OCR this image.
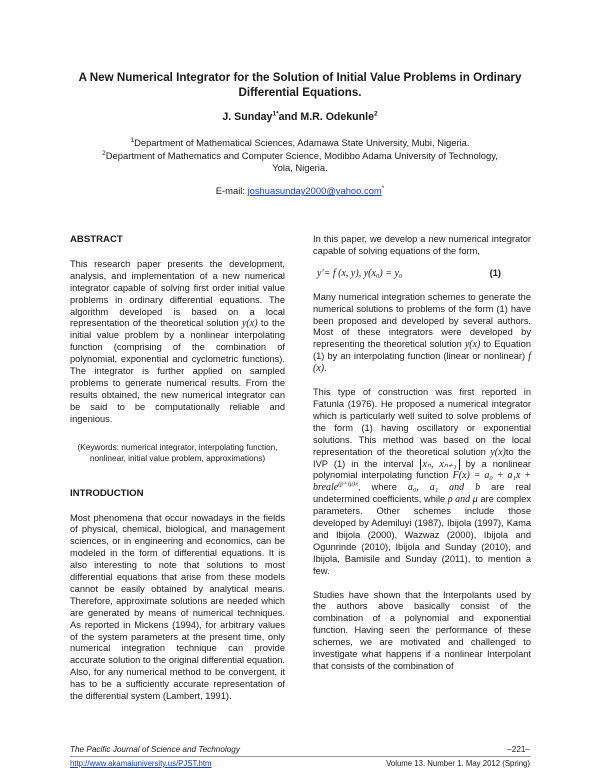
A New Numerical Integrator for the Solution of Initial Value Problems in Ordinary Differential Equations.
J. Sunday$^{1*}$and M.R. Odekunle$^2$
$^1$Department of Mathematical Sciences, Adamawa State University, Mubi, Nigeria.
$^2$Department of Mathematics and Computer Science, Modibbo Adama University of Technology,
Yola, Nigeria.
E-mail: joshuasunday2000@yahoo.com*
ABSTRACT

This research paper presents the development, analysis, and implementation of a new numerical integrator capable of solving first order initial value problems in ordinary differential equations. The algorithm developed is based on a local representation of the theoretical solution y(x) to the initial value problem by a nonlinear interpolating function (comprising of the combination of polynomial, exponential and cyclometric functions). The integrator is further applied on sampled problems to generate numerical results. From the results obtained, the new numerical integrator can be said to be computationally reliable and ingenious.

(Keywords: numerical integrator, interpolating function, nonlinear, initial value problem, approximations)

INTRODUCTION

Most phenomena that occur nowadays in the fields of physical, chemical, biological, and management sciences, or in engineering and economics, can be modeled in the form of differential equations. It is also interesting to note that solutions to most differential equations that arise from these models cannot be easily obtained by analytical means. Therefore, approximate solutions are needed which are generated by means of numerical techniques. As reported in Mickens (1994), for arbitrary values of the system parameters at the present time, only numerical integration technique can provide accurate solution to the original differential equation. Also, for any numerical method to be convergent, it has to be a sufficiently accurate representation of the differential system (Lambert, 1991).

In this paper, we develop a new numerical integrator capable of solving equations of the form,

y′= f (x, y), y(x₀) = y₀	(1)

Many numerical integration schemes to generate the numerical solutions to problems of the form (1) have been proposed and developed by several authors. Most of these integrators were developed by representing the theoretical solution y(x) to Equation (1) by an interpolating function (linear or nonlinear) f (x).

This type of construction was first reported in Fatunla (1976). He proposed a numerical integrator which is particularly well suited to solve problems of the form (1) having oscillatory or exponential solutions. This method was based on the local representation of the theoretical solution y(x)to the IVP (1) in the interval xₙ, xₙ₊₁ by a nonlinear polynomial interpolating function F(x) = a₀ + a₁x + breale$^{(\rho+i\mu)x}$, where a₀, a₁ and b are real undetermined coefficients, while ρ and μ are complex parameters. Other schemes include those developed by Ademiluyi (1987), Ibijola (1997), Kama and Ibijola (2000), Wazwaz (2000), Ibijola and Ogunrinde (2010), Ibijola and Sunday (2010), and Ibijola, Bamisile and Sunday (2011), to mention a few.

Studies have shown that the Interpolants used by the authors above basically consist of the combination of a polynomial and exponential function. Having seen the performance of these schemes, we are motivated and challenged to investigate what happens if a nonlinear Interpolant that consists of the combination of

The Pacific Journal of Science and Technology
http://www.akamaiuniversity.us/PJST.htm
–221–
Volume 13. Number 1. May 2012 (Spring)
